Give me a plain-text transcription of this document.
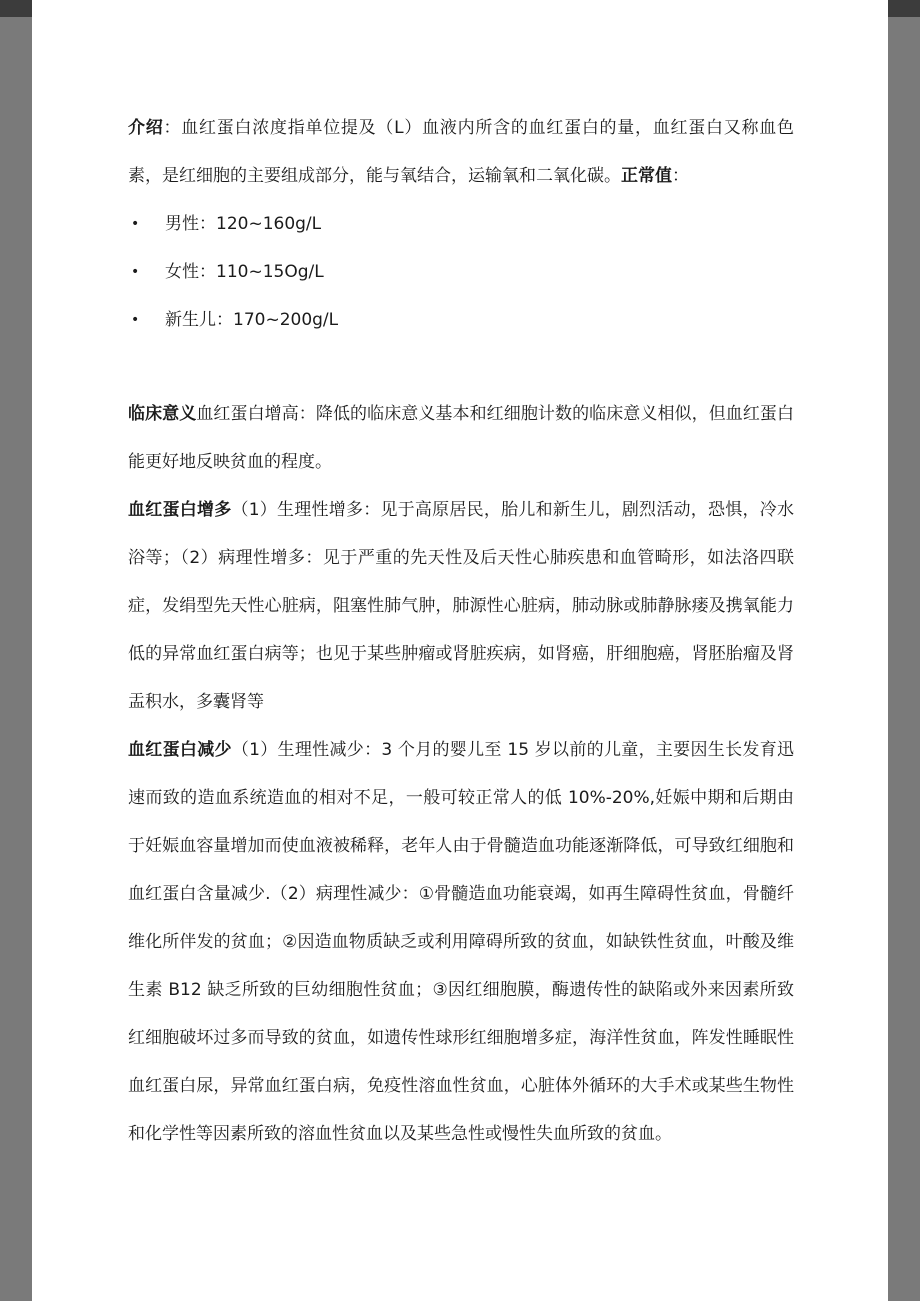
介绍：血红蛋白浓度指单位提及（L）血液内所含的血红蛋白的量，血红蛋白又称血色素，是红细胞的主要组成部分，能与氧结合，运输氧和二氧化碳。正常值：
• 男性：120~160g/L
• 女性：110~15Og/L
• 新生儿：170~200g/L
临床意义血红蛋白增高：降低的临床意义基本和红细胞计数的临床意义相似，但血红蛋白能更好地反映贫血的程度。
血红蛋白增多（1）生理性增多：见于高原居民，胎儿和新生儿，剧烈活动，恐惧，冷水浴等；（2）病理性增多：见于严重的先天性及后天性心肺疾患和血管畸形，如法洛四联症，发绢型先天性心脏病，阻塞性肺气肿，肺源性心脏病，肺动脉或肺静脉瘘及携氧能力低的异常血红蛋白病等；也见于某些肿瘤或肾脏疾病，如肾癌，肝细胞癌，肾胚胎瘤及肾盂积水，多囊肾等
血红蛋白减少（1）生理性减少：3 个月的婴儿至 15 岁以前的儿童，主要因生长发育迅速而致的造血系统造血的相对不足，一般可较正常人的低 10%-20%,妊娠中期和后期由于妊娠血容量增加而使血液被稀释，老年人由于骨髓造血功能逐渐降低，可导致红细胞和血红蛋白含量减少.（2）病理性减少：①骨髓造血功能衰竭，如再生障碍性贫血，骨髓纤维化所伴发的贫血；②因造血物质缺乏或利用障碍所致的贫血，如缺铁性贫血，叶酸及维生素 B12 缺乏所致的巨幼细胞性贫血；③因红细胞膜，酶遗传性的缺陷或外来因素所致红细胞破坏过多而导致的贫血，如遗传性球形红细胞增多症，海洋性贫血，阵发性睡眠性血红蛋白尿，异常血红蛋白病，免疫性溶血性贫血，心脏体外循环的大手术或某些生物性和化学性等因素所致的溶血性贫血以及某些急性或慢性失血所致的贫血。
